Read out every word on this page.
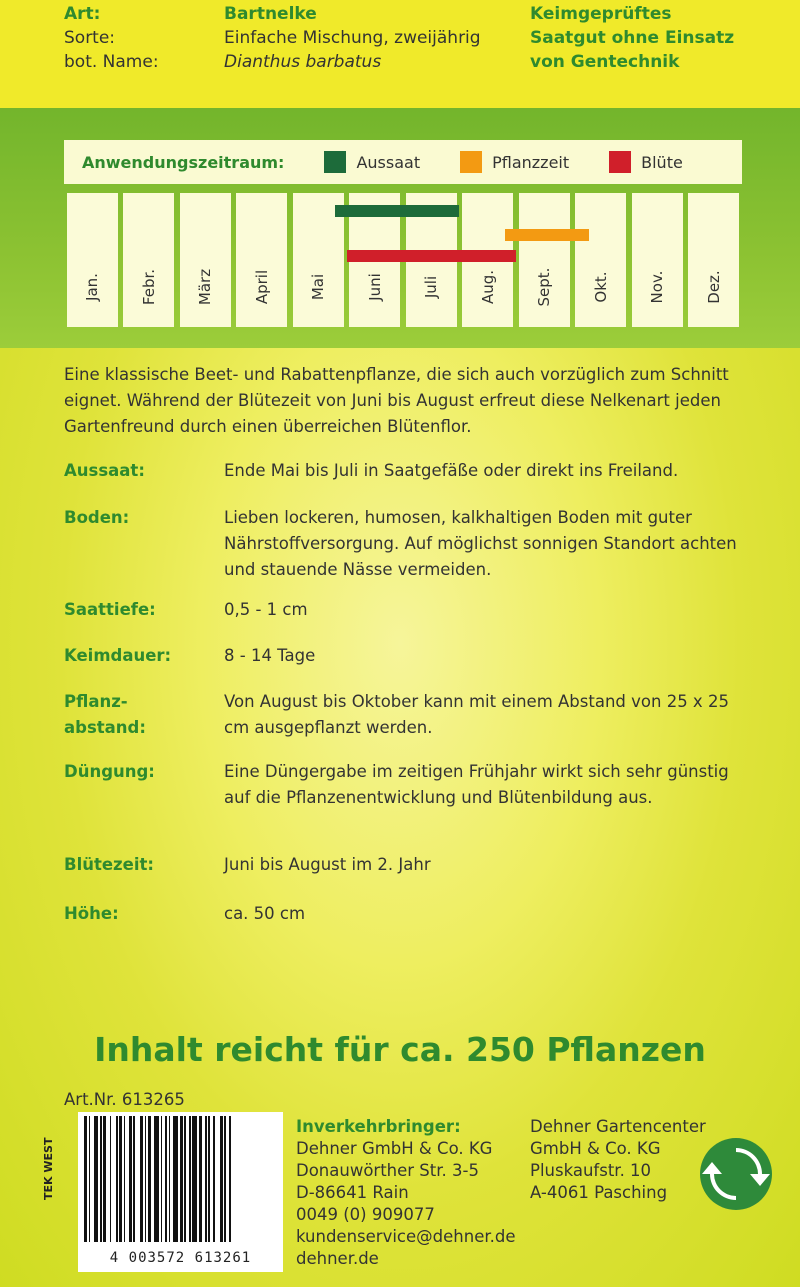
Art:	Bartnelke
Sorte:	Einfache Mischung, zweijährig
bot. Name:	Dianthus barbatus
Keimgeprüftes
Saatgut ohne Einsatz
von Gentechnik
Anwendungszeitraum:	Aussaat	Pflanzzeit	Blüte
Jan.	Febr.	März	April	Mai	Juni	Juli	Aug.	Sept.	Okt.	Nov.	Dez.
Eine klassische Beet- und Rabattenpflanze, die sich auch vorzüglich zum Schnitt eignet. Während der Blütezeit von Juni bis August erfreut diese Nelkenart jeden Gartenfreund durch einen überreichen Blütenflor.
Aussaat:	Ende Mai bis Juli in Saatgefäße oder direkt ins Freiland.
Boden:	Lieben lockeren, humosen, kalkhaltigen Boden mit guter Nährstoffversorgung. Auf möglichst sonnigen Standort achten und stauende Nässe vermeiden.
Saattiefe:	0,5 - 1 cm
Keimdauer:	8 - 14 Tage
Pflanz-
abstand:
Von August bis Oktober kann mit einem Abstand von 25 x 25 cm ausgepflanzt werden.
Düngung:	Eine Düngergabe im zeitigen Frühjahr wirkt sich sehr günstig auf die Pflanzenentwicklung und Blütenbildung aus.
Blütezeit:	Juni bis August im 2. Jahr
Höhe:	ca. 50 cm
Inhalt reicht für ca. 250 Pflanzen
Art.Nr. 613265
TEK WEST
4 003572 613261
Inverkehrbringer:
Dehner GmbH & Co. KG
Donauwörther Str. 3-5
D-86641 Rain
0049 (0) 909077
kundenservice@dehner.de
dehner.de
Dehner Gartencenter
GmbH & Co. KG
Pluskaufstr. 10
A-4061 Pasching
